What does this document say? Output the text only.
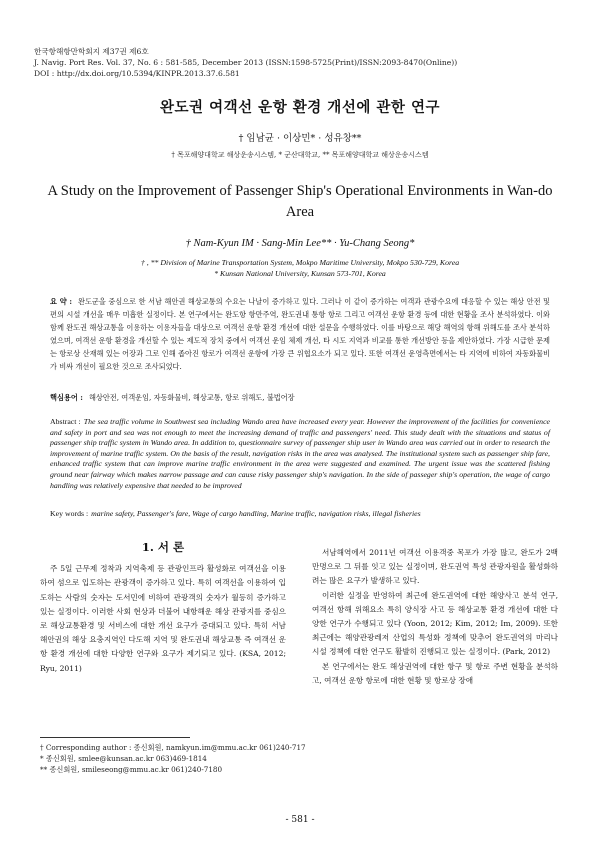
한국항해항만학회지 제37권 제6호
J. Navig. Port Res. Vol. 37, No. 6 : 581-585, December 2013 (ISSN:1598-5725(Print)/ISSN:2093-8470(Online))
DOI : http://dx.doi.org/10.5394/KINPR.2013.37.6.581
완도권 여객선 운항 환경 개선에 관한 연구
† 임남균 · 이상민* · 성유창**
† 목포해양대학교 해상운송시스템, * 군산대학교, ** 목포해양대학교 해상운송시스템
A Study on the Improvement of Passenger Ship's Operational Environments in Wan-do Area
† Nam-Kyun IM · Sang-Min Lee** · Yu-Chang Seong*
† , ** Division of Marine Transportation System, Mokpo Maritime University, Mokpo 530-729, Korea
* Kunsan National University, Kunsan 573-701, Korea
요 약 : 완도군을 중심으로 한 서남 해안권 해상교통의 수요는 나날이 증가하고 있다. 그러나 이 같이 증가하는 여객과 관광수요에 대응할 수 있는 해상 안전 및 편의 시설 개선을 매우 미흡한 실정이다. 본 연구에서는 완도항 항만주역, 완도권내 통항 항로 그리고 여객선 운항 환경 등에 대한 현황을 조사 분석하였다. 이와 함께 완도권 해상교통을 이용하는 이용자들을 대상으로 여객선 운항 환경 개선에 대한 설문을 수행하였다. 이를 바탕으로 해당 해역의 항해 위해도를 조사 분석하였으며, 여객선 운항 환경을 개선할 수 있는 제도적 장치 중에서 여객선 운임 체제 개선, 타 시도 지역과 비교를 통한 개선방안 등을 제안하였다. 가장 시급한 문제는 항로상 산재해 있는 어장과 그로 인해 좁아진 항로가 여객선 운항에 가장 큰 위협요소가 되고 있다. 또한 여객선 운영측면에서는 타 지역에 비하여 자동화물비가 비싸 개선이 필요한 것으로 조사되었다.
핵심용어 : 해상안전, 여객운임, 자동화물비, 해상교통, 항로 위해도, 불법어장
Abstract : The sea traffic volume in Southwest sea including Wando area have increased every year. However the improvement of the facilities for convenience and safety in port and sea was not enough to meet the increasing demand of traffic and passengers' need. This study dealt with the situations and status of passenger ship traffic system in Wando area. In addition to, questionnaire survey of passenger ship user in Wando area was carried out in order to research the improvement of marine traffic system. On the basis of the result, navigation risks in the area was analysed. The institutional system such as passenger ship fare, enhanced traffic system that can improve marine traffic environment in the area were suggested and examined. The urgent issue was the scattered fishing ground near fairway which makes narrow passage and can cause risky passenger ship's navigation. In the side of passeger ship's operation, the wage of cargo handling was relatively expensive that needed to be improved
Key words : marine safety, Passenger's fare, Wage of cargo handling, Marine traffic, navigation risks, illegal fisheries
1. 서 론

주 5일 근무제 정착과 지역축제 등 관광인프라 활성화로 여객선을 이용하여 섬으로 입도하는 관광객이 증가하고 있다. 특히 여객선을 이용하여 입도하는 사람의 숫자는 도서민에 비하여 관광객의 숫자가 월등히 증가하고 있는 실정이다. 이러한 사회 현상과 더불어 내항해운 해상 관광지를 중심으로 해상교통환경 및 서비스에 대한 개선 요구가 증대되고 있다. 특히 서남해안권의 해상 요충지역인 다도해 지역 및 완도권내 해상교통 즉 여객선 운항 환경 개선에 대한 다양한 연구와 요구가 제기되고 있다. (KSA, 2012; Ryu, 2011)

서남해역에서 2011년 여객선 이용객중 목포가 가장 많고, 완도가 2백만명으로 그 뒤를 잇고 있는 실정이며, 완도권역 특성 관광자원을 활성화하려는 많은 요구가 발생하고 있다.

이러한 실정을 반영하여 최근에 완도권역에 대한 해양사고 분석 연구, 여객선 항해 위해요소 특히 양식장 사고 등 해상교통 환경 개선에 대한 다양한 연구가 수행되고 있다 (Yoon, 2012; Kim, 2012; Im, 2009). 또한 최근에는 해양관광레저 산업의 특성화 정책에 맞추어 완도권역의 마리나 시설 정책에 대한 연구도 활발히 진행되고 있는 실정이다. (Park, 2012)

본 연구에서는 완도 해상권역에 대한 항구 및 항로 주변 현황을 분석하고, 여객선 운항 항로에 대한 현황 및 항로상 장애

† Corresponding author : 종신회원, namkyun.im@mmu.ac.kr 061)240-717
* 종신회원, smlee@kunsan.ac.kr 063)469-1814
** 종신회원, smileseong@mmu.ac.kr 061)240-7180
- 581 -
